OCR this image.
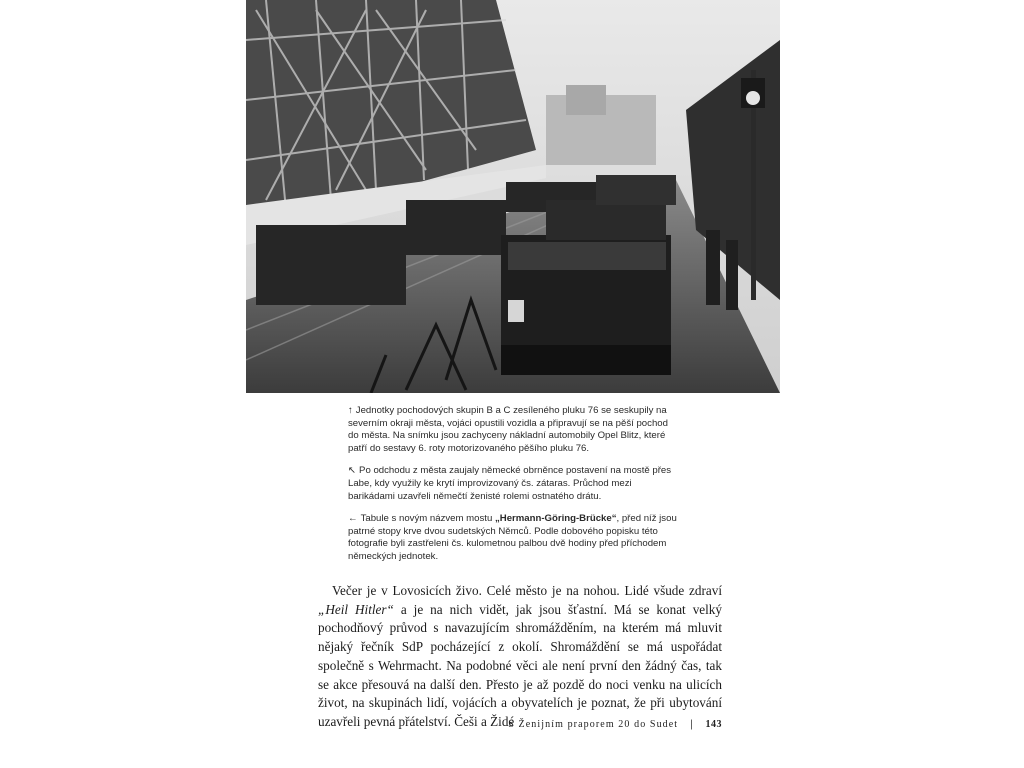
↑ Jednotky pochodových skupin B a C zesíleného pluku 76 se seskupily na severním okraji města, vojáci opustili vozidla a připravují se na pěší pochod do města. Na snímku jsou zachyceny nákladní automobily Opel Blitz, které patří do sestavy 6. roty motorizovaného pěšího pluku 76.

↖ Po odchodu z města zaujaly německé obrněnce postavení na mostě přes Labe, kdy využily ke krytí improvizovaný čs. zátaras. Průchod mezi barikádami uzavřeli němečtí ženisté rolemi ostnatého drátu.

← Tabule s novým názvem mostu „Hermann-Göring-Brücke“, před níž jsou patrné stopy krve dvou sudetských Němců. Podle dobového popisku této fotografie byli zastřeleni čs. kulometnou palbou dvě hodiny před příchodem německých jednotek.

Večer je v Lovosicích živo. Celé město je na nohou. Lidé všude zdraví „Heil Hitler“ a je na nich vidět, jak jsou šťastní. Má se konat velký pochodňový průvod s navazujícím shromážděním, na kterém má mluvit nějaký řečník SdP pocházející z okolí. Shromáždění se má uspořádat společně s Wehrmacht. Na podobné věci ale není první den žádný čas, tak se akce přesouvá na další den. Přesto je až pozdě do noci venku na ulicích život, na skupinách lidí, vojácích a obyvatelích je poznat, že při ubytování uzavřeli pevná přátelství. Češi a Židé

S Ženijním praporem 20 do Sudet | 143
